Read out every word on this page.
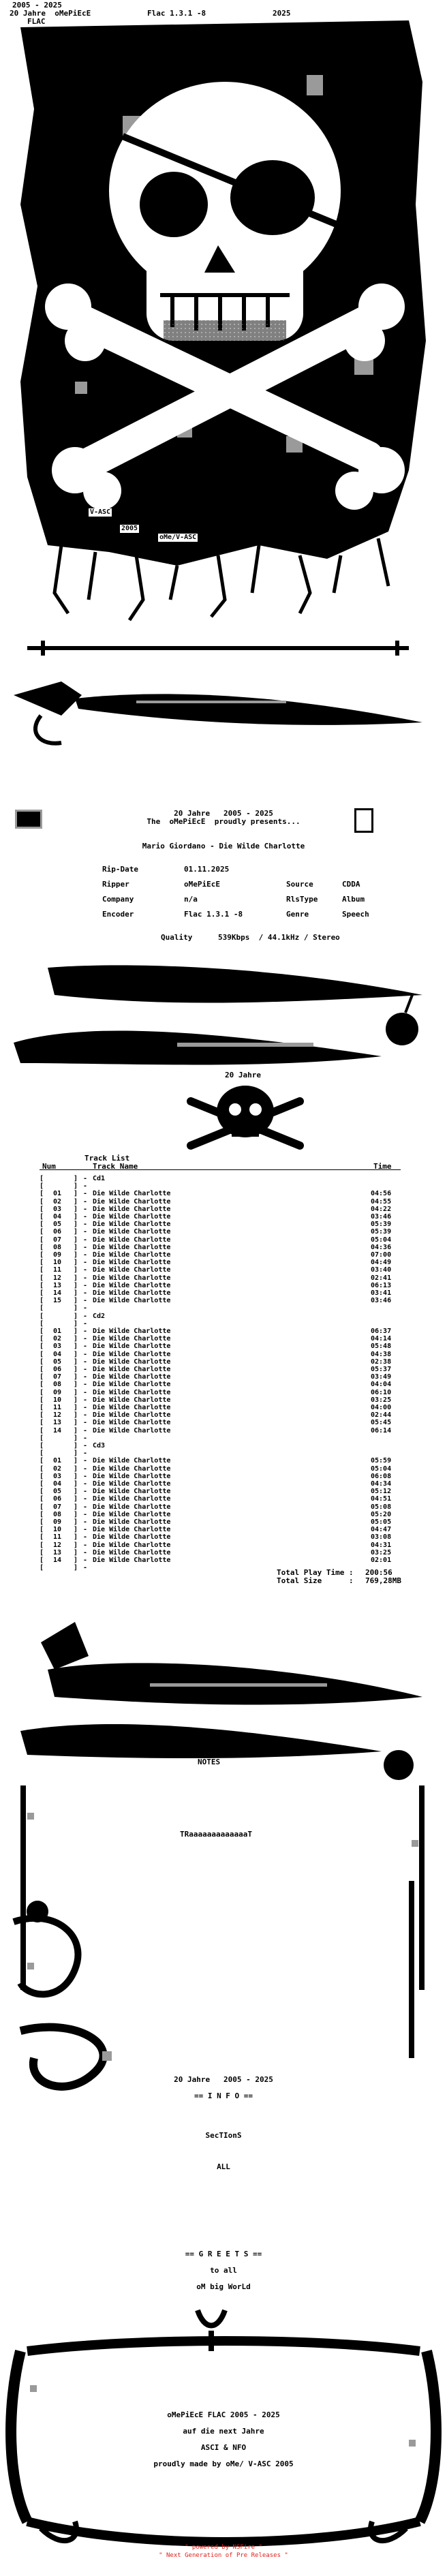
2005 - 2025
20 Jahre  oMePiEcE	Flac 1.3.1 -8	2025
FLAC
V-ASC
2005
oMe/V-ASC
20 Jahre   2005 - 2025
The  oMePiEcE  proudly presents...
Mario Giordano - Die Wilde Charlotte
Rip-Date	01.11.2025
Ripper	oMePiEcE	Source	CDDA
Company	n/a	RlsType	Album
Encoder	Flac 1.3.1 -8	Genre	Speech
Quality	539Kbps  / 44.1kHz / Stereo
20 Jahre
Track List
Num	Track Name	Time
[	] - Cd1
[	] -
[ 01 ] - Die Wilde Charlotte	04:56
[ 02 ] - Die Wilde Charlotte	04:55
[ 03 ] - Die Wilde Charlotte	04:22
[ 04 ] - Die Wilde Charlotte	03:46
[ 05 ] - Die Wilde Charlotte	05:39
[ 06 ] - Die Wilde Charlotte	05:39
[ 07 ] - Die Wilde Charlotte	05:04
[ 08 ] - Die Wilde Charlotte	04:36
[ 09 ] - Die Wilde Charlotte	07:00
[ 10 ] - Die Wilde Charlotte	04:49
[ 11 ] - Die Wilde Charlotte	03:40
[ 12 ] - Die Wilde Charlotte	02:41
[ 13 ] - Die Wilde Charlotte	06:13
[ 14 ] - Die Wilde Charlotte	03:41
[ 15 ] - Die Wilde Charlotte	03:46
[	] -
[	] - Cd2
[	] -
[ 01 ] - Die Wilde Charlotte	06:37
[ 02 ] - Die Wilde Charlotte	04:14
[ 03 ] - Die Wilde Charlotte	05:48
[ 04 ] - Die Wilde Charlotte	04:38
[ 05 ] - Die Wilde Charlotte	02:38
[ 06 ] - Die Wilde Charlotte	05:37
[ 07 ] - Die Wilde Charlotte	03:49
[ 08 ] - Die Wilde Charlotte	04:04
[ 09 ] - Die Wilde Charlotte	06:10
[ 10 ] - Die Wilde Charlotte	03:25
[ 11 ] - Die Wilde Charlotte	04:00
[ 12 ] - Die Wilde Charlotte	02:44
[ 13 ] - Die Wilde Charlotte	05:45
[ 14 ] - Die Wilde Charlotte	06:14
[	] -
[	] - Cd3
[	] -
[ 01 ] - Die Wilde Charlotte	05:59
[ 02 ] - Die Wilde Charlotte	05:04
[ 03 ] - Die Wilde Charlotte	06:08
[ 04 ] - Die Wilde Charlotte	04:34
[ 05 ] - Die Wilde Charlotte	05:12
[ 06 ] - Die Wilde Charlotte	04:51
[ 07 ] - Die Wilde Charlotte	05:08
[ 08 ] - Die Wilde Charlotte	05:20
[ 09 ] - Die Wilde Charlotte	05:05
[ 10 ] - Die Wilde Charlotte	04:47
[ 11 ] - Die Wilde Charlotte	03:08
[ 12 ] - Die Wilde Charlotte	04:31
[ 13 ] - Die Wilde Charlotte	03:25
[ 14 ] - Die Wilde Charlotte	02:01
[	] -
Total Play Time : 200:56
Total Size      : 769,28MB
NOTES
TRaaaaaaaaaaaaaT
20 Jahre   2005 - 2025
== I N F O ==
SecTIonS
ALL
== G R E E T S ==
to all
oM big WorLd
oMePiEcE FLAC 2005 - 2025
auf die next Jahre
ASCI & NFO
proudly made by oMe/ V-ASC 2005
" powered by NSFire "
" Next Generation of Pre Releases "
